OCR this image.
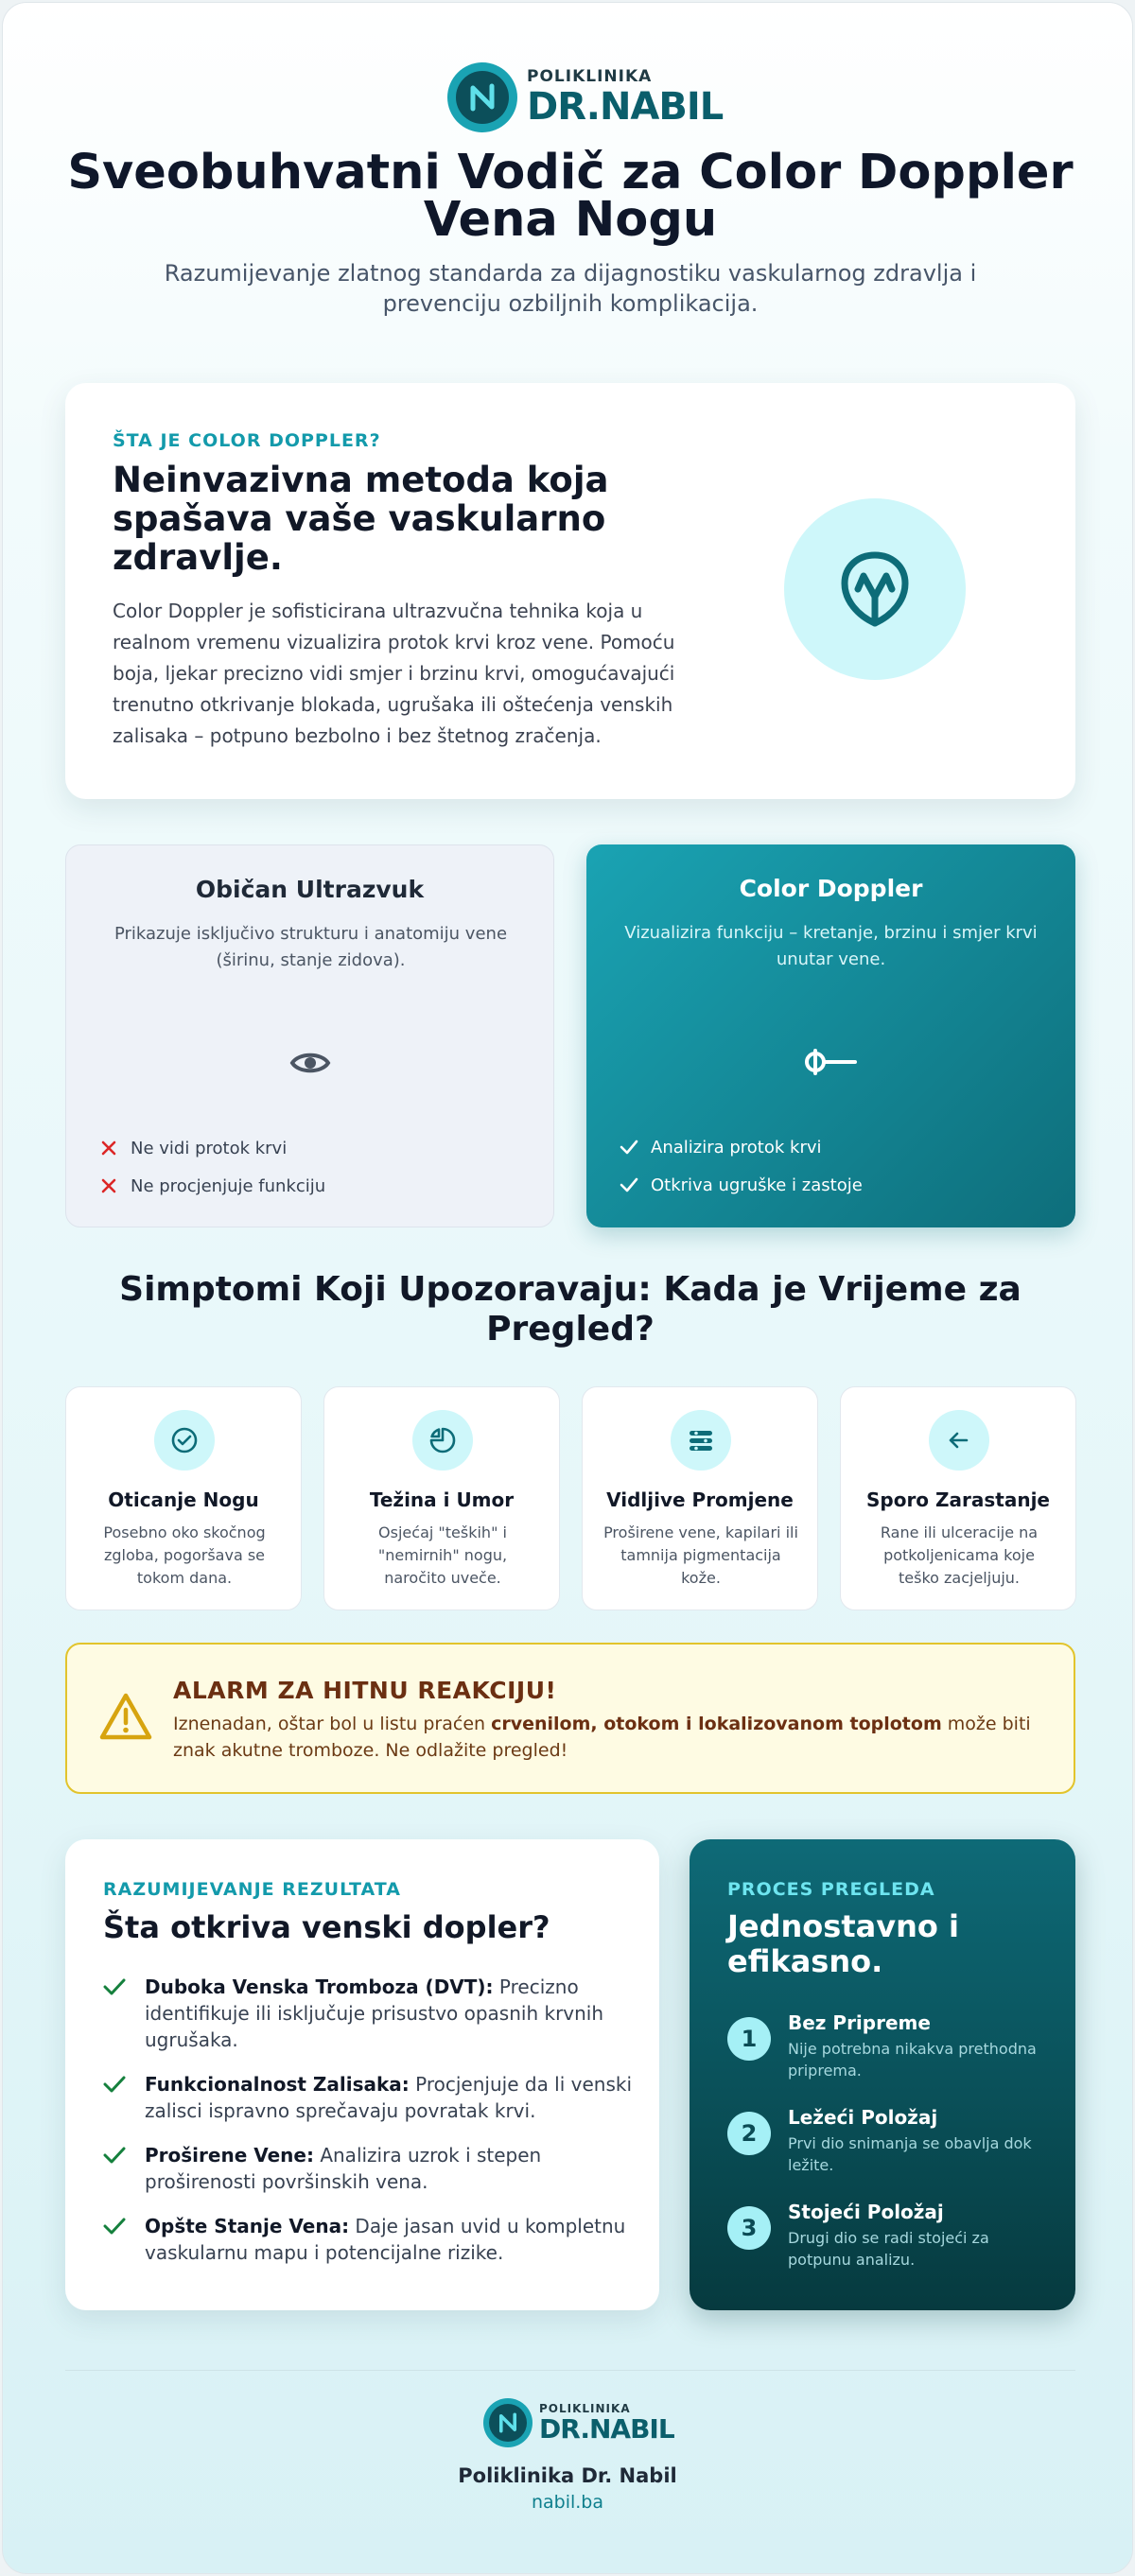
POLIKLINIKA
DR.NABIL
Sveobuhvatni Vodič za Color Doppler Vena Nogu

Razumijevanje zlatnog standarda za dijagnostiku vaskularnog zdravlja i prevenciju ozbiljnih komplikacija.

ŠTA JE COLOR DOPPLER?
Neinvazivna metoda koja spašava vaše vaskularno zdravlje.

Color Doppler je sofisticirana ultrazvučna tehnika koja u realnom vremenu vizualizira protok krvi kroz vene. Pomoću boja, ljekar precizno vidi smjer i brzinu krvi, omogućavajući trenutno otkrivanje blokada, ugrušaka ili oštećenja venskih zalisaka – potpuno bezbolno i bez štetnog zračenja.

Običan Ultrazvuk

Prikazuje isključivo strukturu i anatomiju vene (širinu, stanje zidova).

Ne vidi protok krvi
Ne procjenjuje funkciju
Color Doppler

Vizualizira funkciju – kretanje, brzinu i smjer krvi unutar vene.

Analizira protok krvi
Otkriva ugruške i zastoje
Simptomi Koji Upozoravaju: Kada je Vrijeme za Pregled?
Oticanje Nogu

Posebno oko skočnog zgloba, pogoršava se tokom dana.

Težina i Umor

Osjećaj "teških" i "nemirnih" nogu, naročito uveče.

Vidljive Promjene

Proširene vene, kapilari ili tamnija pigmentacija kože.

Sporo Zarastanje

Rane ili ulceracije na potkoljenicama koje teško zacjeljuju.

ALARM ZA HITNU REAKCIJU!

Iznenadan, oštar bol u listu praćen crvenilom, otokom i lokalizovanom toplotom može biti znak akutne tromboze. Ne odlažite pregled!

RAZUMIJEVANJE REZULTATA
Šta otkriva venski dopler?
Duboka Venska Tromboza (DVT): Precizno identifikuje ili isključuje prisustvo opasnih krvnih ugrušaka.
Funkcionalnost Zalisaka: Procjenjuje da li venski zalisci ispravno sprečavaju povratak krvi.
Proširene Vene: Analizira uzrok i stepen proširenosti površinskih vena.
Opšte Stanje Vena: Daje jasan uvid u kompletnu vaskularnu mapu i potencijalne rizike.
PROCES PREGLEDA
Jednostavno i efikasno.
1
Bez Pripreme

Nije potrebna nikakva prethodna priprema.

2
Ležeći Položaj

Prvi dio snimanja se obavlja dok ležite.

3
Stojeći Položaj

Drugi dio se radi stojeći za potpunu analizu.

POLIKLINIKA
DR.NABIL
Poliklinika Dr. Nabil
nabil.ba
